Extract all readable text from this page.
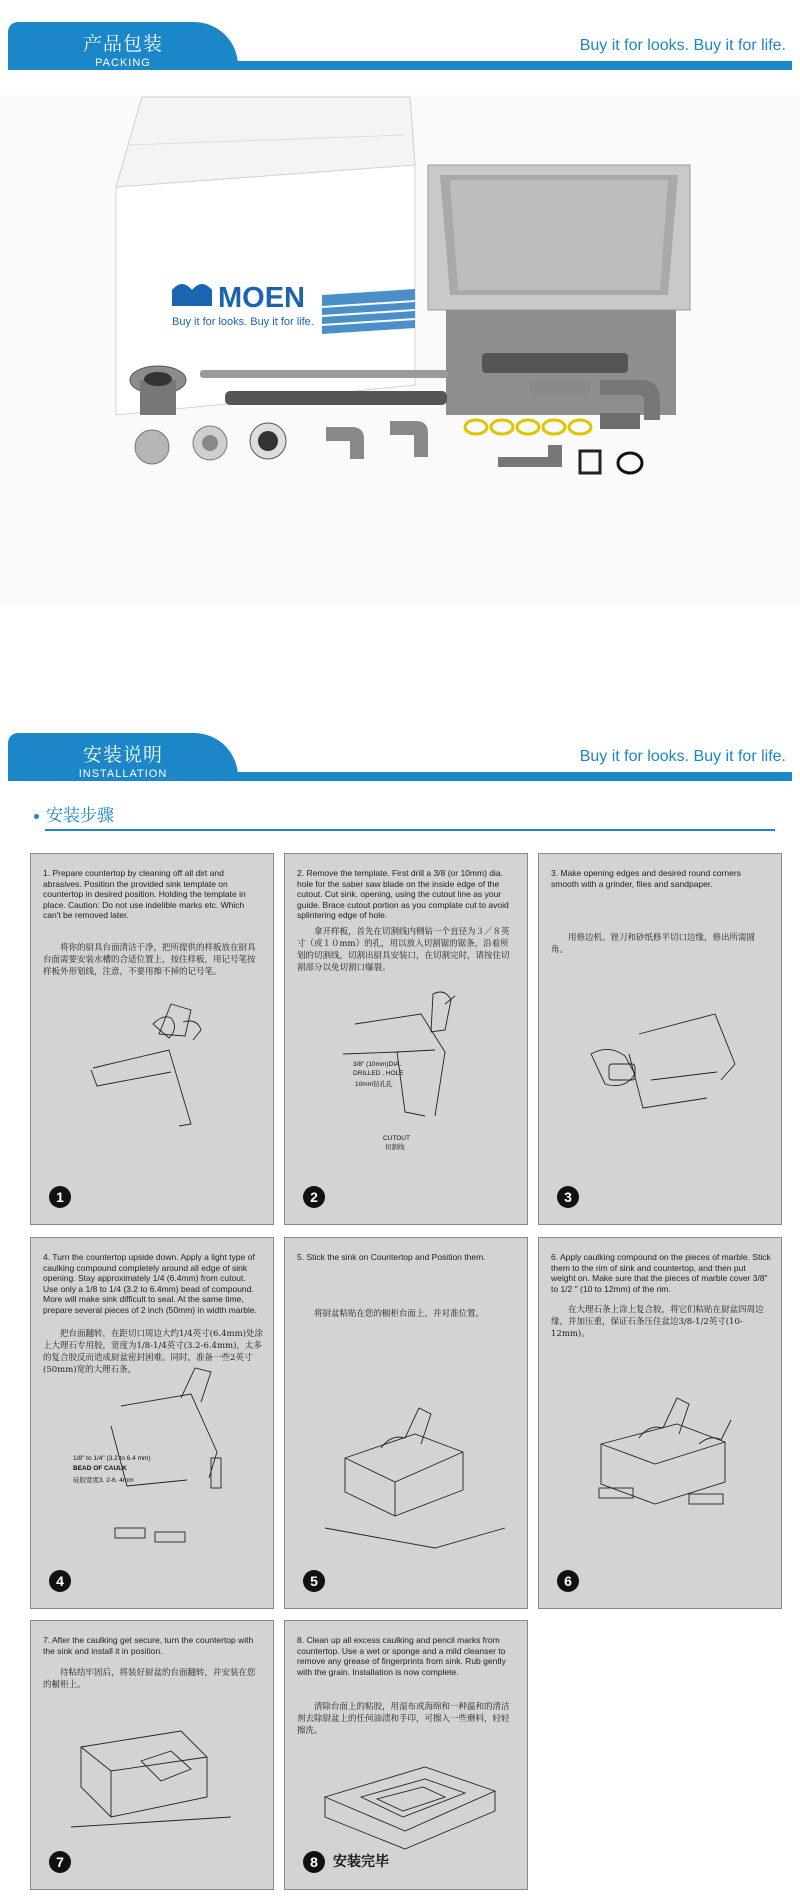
产品包装
PACKING
Buy it for looks. Buy it for life.
MOEN
Buy it for looks. Buy it for life.
安装说明
INSTALLATION
Buy it for looks. Buy it for life.
安装步骤
1. Prepare countertop by cleaning off all dirt and abrasives. Position the provided sink template on countertop in desired position. Holding the template in place. Caution: Do not use indelible marks etc. Which can't be removed later.
将你的厨具台面清洁干净，把所提供的样板放在厨具台面需要安装水槽的合适位置上，按住样板，用记号笔按样板外形划线，注意，不要用擦不掉的记号笔。
1
2. Remove the template. First drill a 3/8 (or 10mm) dia. hole for the saber saw blade on the inside edge of the cutout. Cut sink. opening, using the cutout line as your guide. Brace cutout portion as you complate cut to avoid splintering edge of hole.
拿开样板，首先在切割线内侧钻一个直径为３／８英寸（或１０mm）的孔，用以放入切割锯的锯条，沿着所划的切割线，切割出厨具安装口，在切割完时，请按住切割部分以免切割口爆裂。
3/8" (10mm)DIA.
DRILLED . HOLE
10mm钻孔孔
CUTOUT
切割线
2
3. Make opening edges and desired round corners smooth with a grinder, files and sandpaper.
用修边机、锉刀和砂纸修平切口边缘，修出所需圆角。
3
4. Turn the countertop upside down. Apply a light type of caulking compound completely around all edge of sink opening. Stay approximately 1/4 (6.4mm) from cutout. Use only a 1/8 to 1/4 (3.2 to 6.4mm) bead of compound. More will make sink difficult to seal. At the same time, prepare several pieces of 2 inch (50mm) in width marble.
把台面翻转，在距切口周边大约1/4英寸(6.4mm)处涂上大理石专用胶，宽度为1/8-1/4英寸(3.2-6.4mm)，太多的复合胶反而造成厨盆密封困难。同时，准备一些2英寸(50mm)宽的大理石条。
1/8" to 1/4" (3.2 to 6.4 mm)
BEAD OF CAULK
硅胶宽度3. 2-6. 4mm
4
5. Stick the sink on Countertop and Position them.
将厨盆粘贴在您的橱柜台面上，并对准位置。
5
6. Apply caulking compound on the pieces of marble. Stick them to the rim of sink and countertop, and then put weight on. Make sure that the pieces of marble cover 3/8" to 1/2 " (10 to 12mm) of the rim.
在大理石条上涂上复合胶，将它们粘贴在厨盆四周边缘，并加压重，保证石条压住盆边3/8-1/2英寸(10-12mm)。
6
7. After the caulking get secure, turn the countertop with the sink and install it in position.
待粘结牢固后，将装好厨盆的台面翻转，并安装在您的橱柜上。
7
8. Clean up all excess caulking and pencil marks from countertop. Use a wet or sponge and a mild cleanser to remove any grease of fingerprints from sink. Rub gently with the grain. Installation is now complete.
清除台面上的粘胶，用湿布或海绵和一种温和的清洁剂去除厨盆上的任何油渍和手印，可擦入一些磨料，轻轻擦洗。
8	安装完毕
